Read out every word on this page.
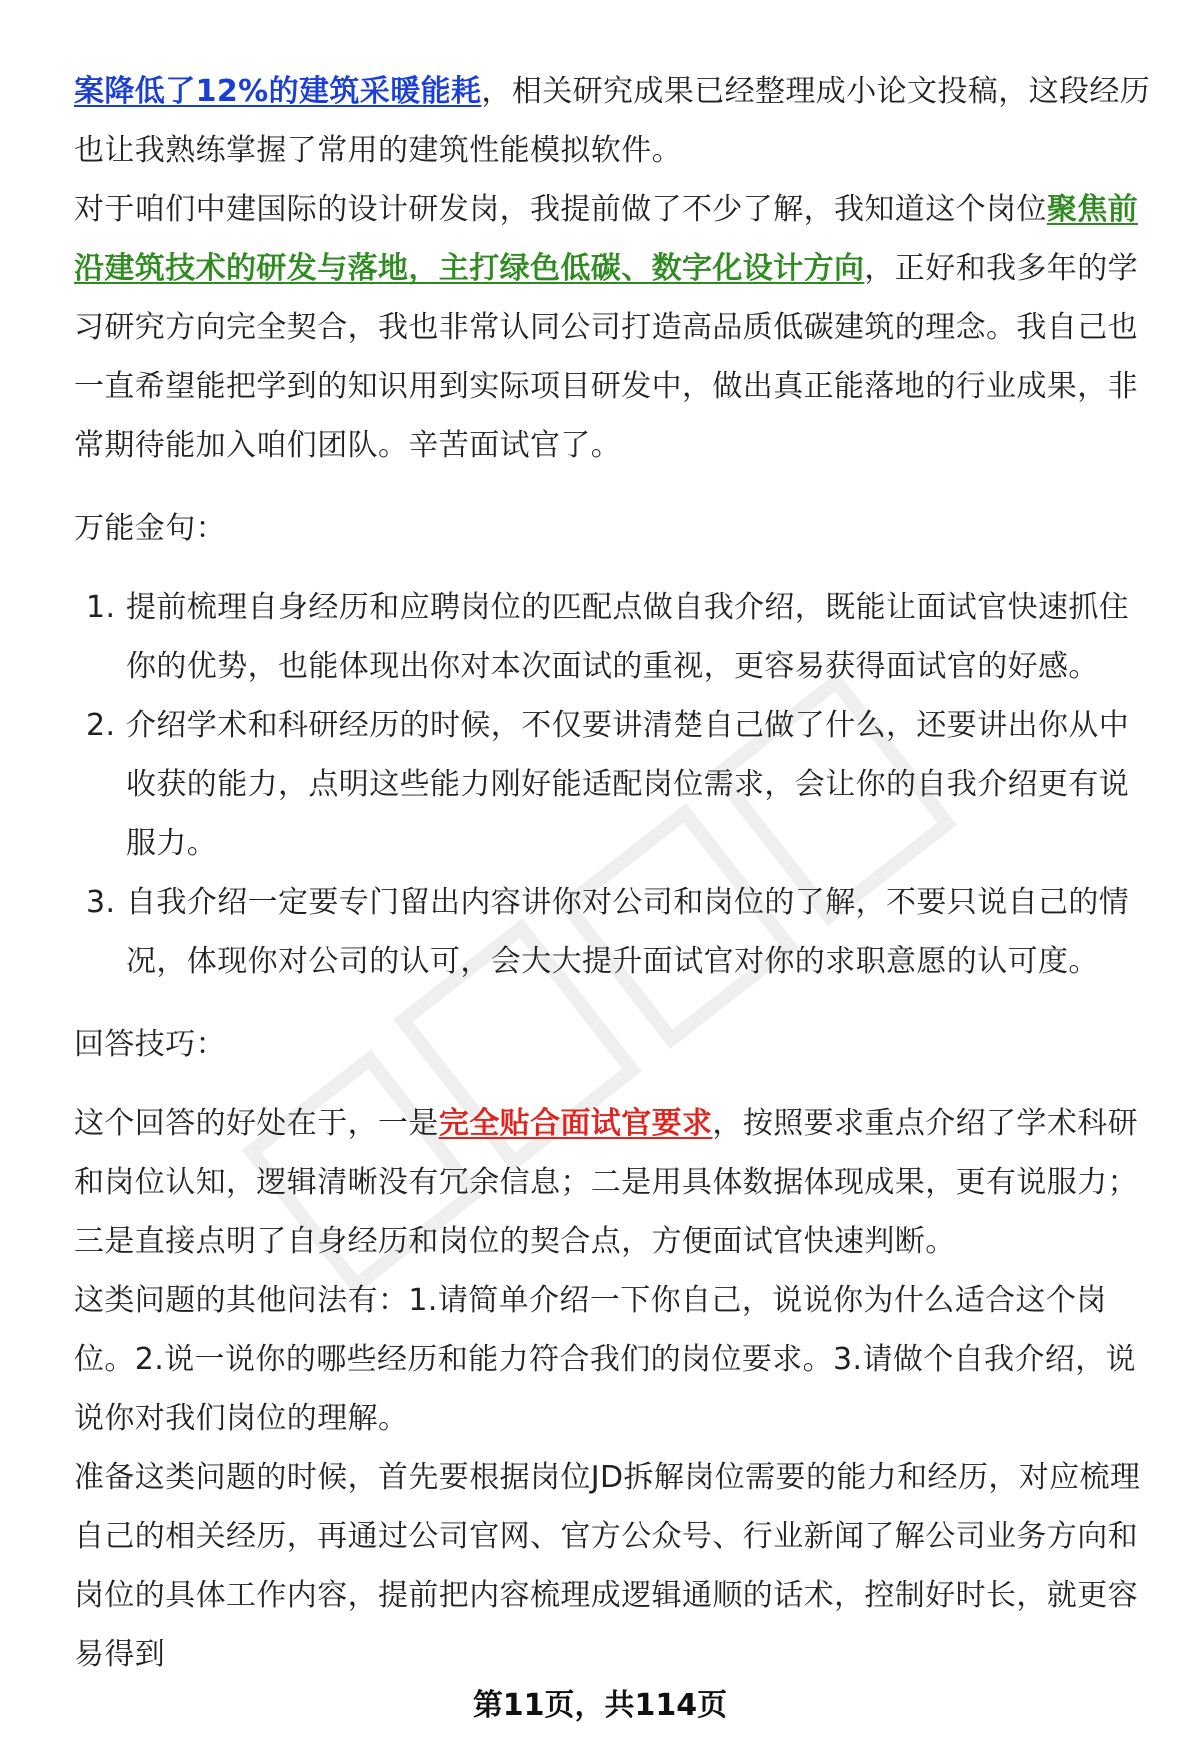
案降低了12%的建筑采暖能耗，相关研究成果已经整理成小论文投稿，这段经历也让我熟练掌握了常用的建筑性能模拟软件。

对于咱们中建国际的设计研发岗，我提前做了不少了解，我知道这个岗位聚焦前沿建筑技术的研发与落地，主打绿色低碳、数字化设计方向，正好和我多年的学习研究方向完全契合，我也非常认同公司打造高品质低碳建筑的理念。我自己也一直希望能把学到的知识用到实际项目研发中，做出真正能落地的行业成果，非常期待能加入咱们团队。辛苦面试官了。

万能金句：

1. 提前梳理自身经历和应聘岗位的匹配点做自我介绍，既能让面试官快速抓住你的优势，也能体现出你对本次面试的重视，更容易获得面试官的好感。
2. 介绍学术和科研经历的时候，不仅要讲清楚自己做了什么，还要讲出你从中收获的能力，点明这些能力刚好能适配岗位需求，会让你的自我介绍更有说服力。
3. 自我介绍一定要专门留出内容讲你对公司和岗位的了解，不要只说自己的情况，体现你对公司的认可，会大大提升面试官对你的求职意愿的认可度。

回答技巧：

这个回答的好处在于，一是完全贴合面试官要求，按照要求重点介绍了学术科研和岗位认知，逻辑清晰没有冗余信息；二是用具体数据体现成果，更有说服力；三是直接点明了自身经历和岗位的契合点，方便面试官快速判断。

这类问题的其他问法有：1.请简单介绍一下你自己，说说你为什么适合这个岗位。2.说一说你的哪些经历和能力符合我们的岗位要求。3.请做个自我介绍，说说你对我们岗位的理解。

准备这类问题的时候，首先要根据岗位JD拆解岗位需要的能力和经历，对应梳理自己的相关经历，再通过公司官网、官方公众号、行业新闻了解公司业务方向和岗位的具体工作内容，提前把内容梳理成逻辑通顺的话术，控制好时长，就更容易得到

第11页，共114页
